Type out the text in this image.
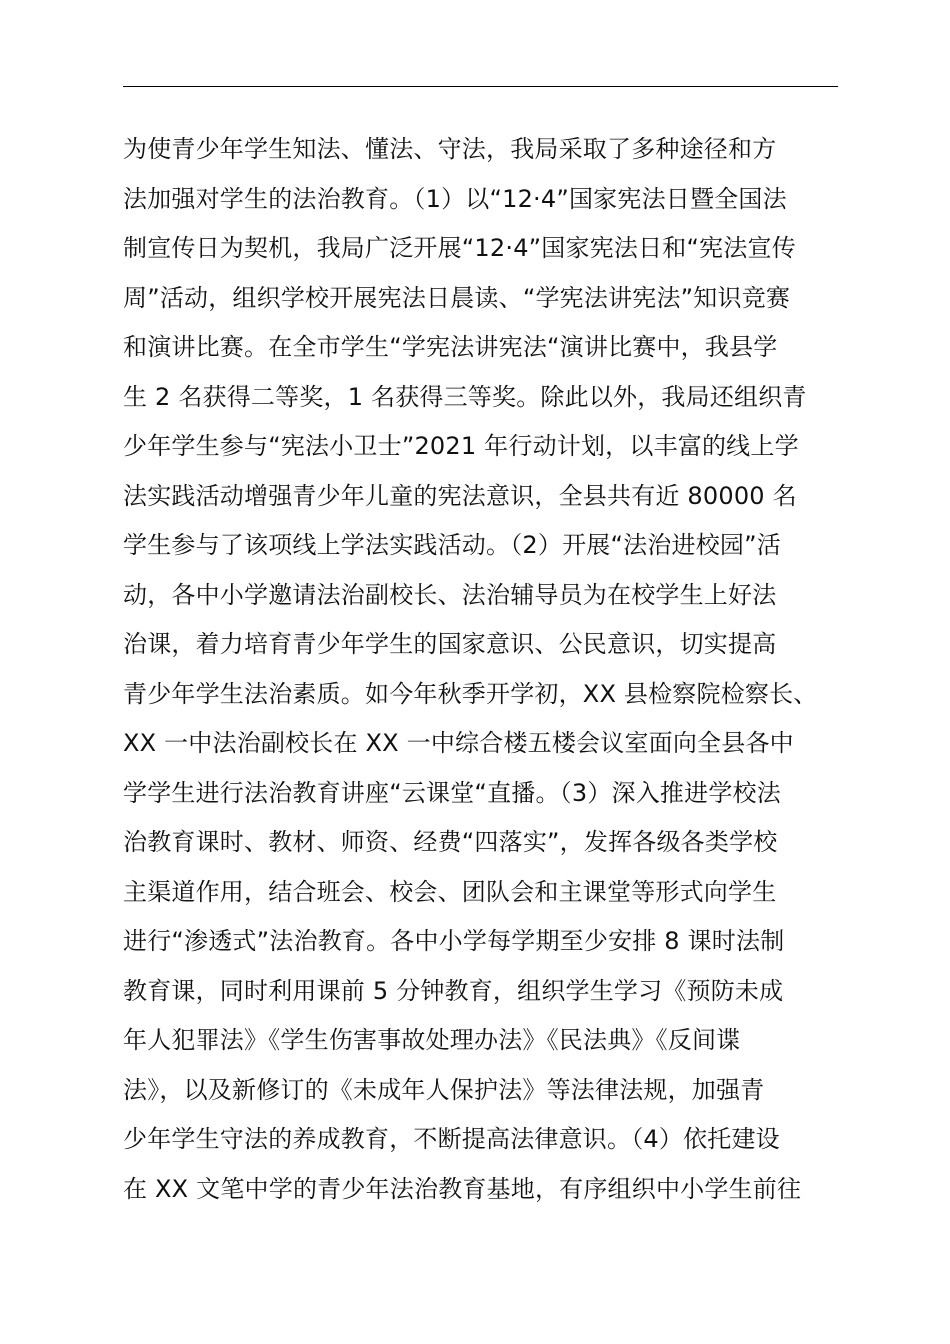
为使青少年学生知法、懂法、守法，我局采取了多种途径和方
法加强对学生的法治教育。（1）以“12·4”国家宪法日暨全国法
制宣传日为契机，我局广泛开展“12·4”国家宪法日和“宪法宣传
周”活动，组织学校开展宪法日晨读、“学宪法讲宪法”知识竞赛
和演讲比赛。在全市学生“学宪法讲宪法“演讲比赛中，我县学
生 2 名获得二等奖，1 名获得三等奖。除此以外，我局还组织青
少年学生参与“宪法小卫士”2021 年行动计划，以丰富的线上学
法实践活动增强青少年儿童的宪法意识，全县共有近 80000 名
学生参与了该项线上学法实践活动。（2）开展“法治进校园”活
动，各中小学邀请法治副校长、法治辅导员为在校学生上好法
治课，着力培育青少年学生的国家意识、公民意识，切实提高
青少年学生法治素质。如今年秋季开学初，XX 县检察院检察长、
XX 一中法治副校长在 XX 一中综合楼五楼会议室面向全县各中
学学生进行法治教育讲座“云课堂“直播。（3）深入推进学校法
治教育课时、教材、师资、经费“四落实”，发挥各级各类学校
主渠道作用，结合班会、校会、团队会和主课堂等形式向学生
进行“渗透式”法治教育。各中小学每学期至少安排 8 课时法制
教育课，同时利用课前 5 分钟教育，组织学生学习《预防未成
年人犯罪法》《学生伤害事故处理办法》《民法典》《反间谍
法》，以及新修订的《未成年人保护法》等法律法规，加强青
少年学生守法的养成教育，不断提高法律意识。（4）依托建设
在 XX 文笔中学的青少年法治教育基地，有序组织中小学生前往
